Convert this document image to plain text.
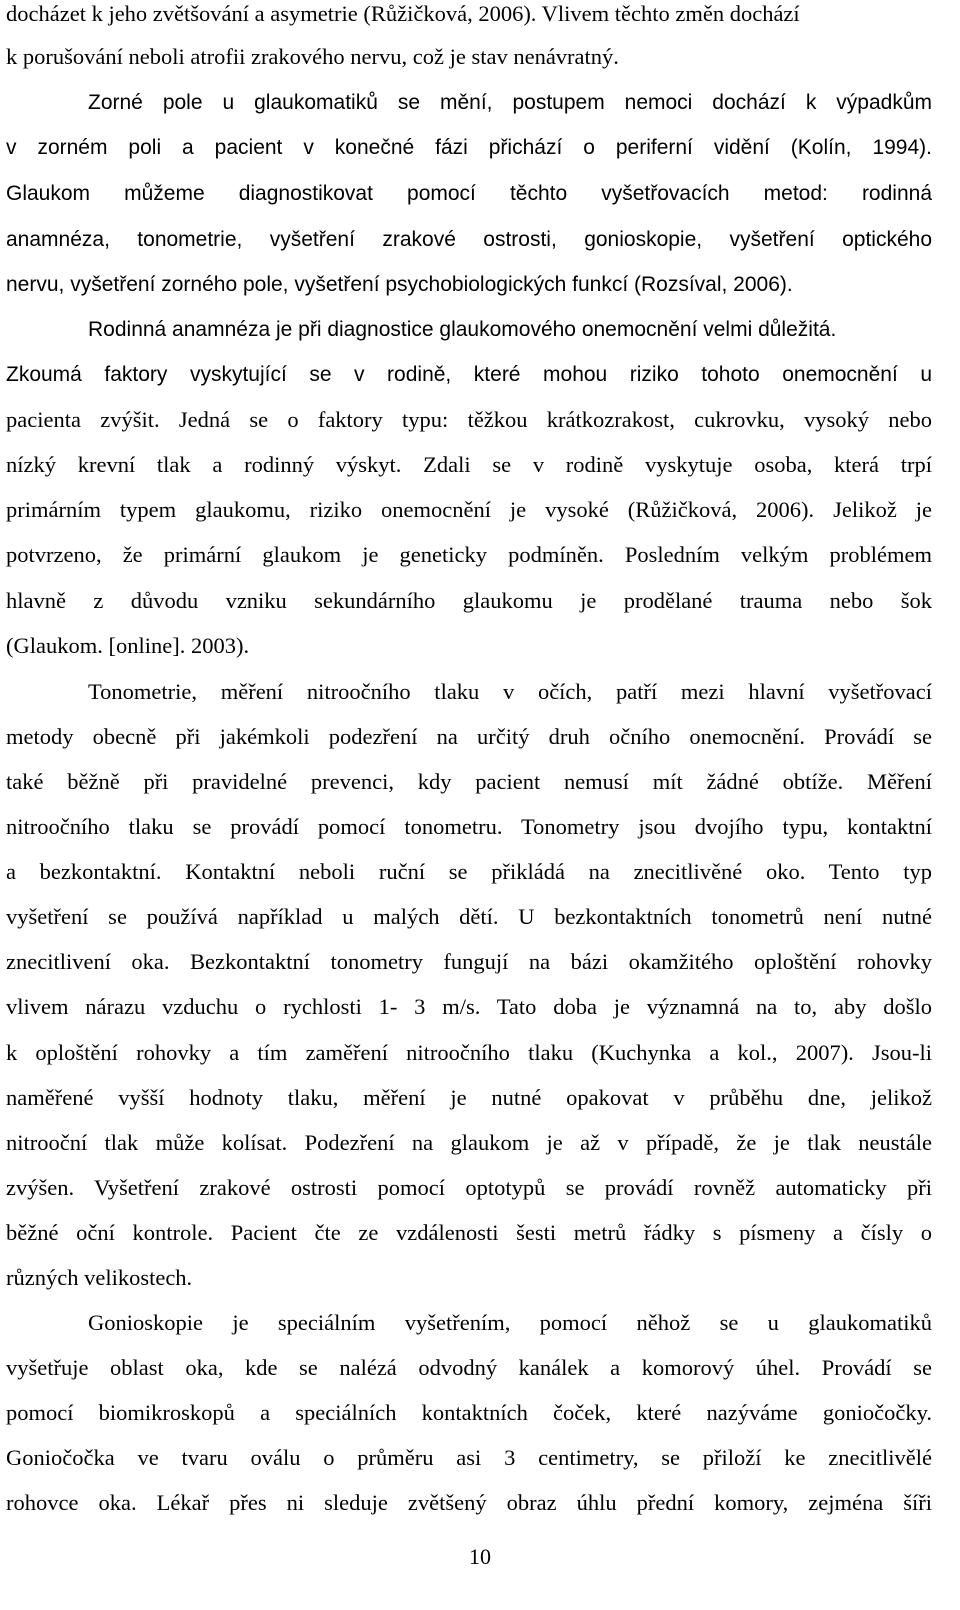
docházet k jeho zvětšování a asymetrie (Růžičková, 2006). Vlivem těchto změn dochází
k porušování neboli atrofii zrakového nervu, což je stav nenávratný.
Zorné pole u glaukomatiků se mění, postupem nemoci dochází k výpadkům
v zorném poli a pacient v konečné fázi přichází o periferní vidění (Kolín, 1994).
Glaukom můžeme diagnostikovat pomocí těchto vyšetřovacích metod: rodinná
anamnéza, tonometrie, vyšetření zrakové ostrosti, gonioskopie, vyšetření optického
nervu, vyšetření zorného pole, vyšetření psychobiologických funkcí (Rozsíval, 2006).
Rodinná anamnéza je při diagnostice glaukomového onemocnění velmi důležitá.
Zkoumá faktory vyskytující se v rodině, které mohou riziko tohoto onemocnění u
pacienta zvýšit. Jedná se o faktory typu: těžkou krátkozrakost, cukrovku, vysoký nebo
nízký krevní tlak a rodinný výskyt. Zdali se v rodině vyskytuje osoba, která trpí
primárním typem glaukomu, riziko onemocnění je vysoké (Růžičková, 2006). Jelikož je
potvrzeno, že primární glaukom je geneticky podmíněn. Posledním velkým problémem
hlavně z důvodu vzniku sekundárního glaukomu je prodělané trauma nebo šok
(Glaukom. [online]. 2003).
Tonometrie, měření nitroočního tlaku v očích, patří mezi hlavní vyšetřovací
metody obecně při jakémkoli podezření na určitý druh očního onemocnění. Provádí se
také běžně při pravidelné prevenci, kdy pacient nemusí mít žádné obtíže. Měření
nitroočního tlaku se provádí pomocí tonometru. Tonometry jsou dvojího typu, kontaktní
a bezkontaktní. Kontaktní neboli ruční se přikládá na znecitlivěné oko. Tento typ
vyšetření se používá například u malých dětí. U bezkontaktních tonometrů není nutné
znecitlivení oka. Bezkontaktní tonometry fungují na bázi okamžitého oploštění rohovky
vlivem nárazu vzduchu o rychlosti 1- 3 m/s. Tato doba je významná na to, aby došlo
k oploštění rohovky a tím zaměření nitroočního tlaku (Kuchynka a kol., 2007). Jsou-li
naměřené vyšší hodnoty tlaku, měření je nutné opakovat v průběhu dne, jelikož
nitrooční tlak může kolísat. Podezření na glaukom je až v případě, že je tlak neustále
zvýšen. Vyšetření zrakové ostrosti pomocí optotypů se provádí rovněž automaticky při
běžné oční kontrole. Pacient čte ze vzdálenosti šesti metrů řádky s písmeny a čísly o
různých velikostech.
Gonioskopie je speciálním vyšetřením, pomocí něhož se u glaukomatiků
vyšetřuje oblast oka, kde se nalézá odvodný kanálek a komorový úhel. Provádí se
pomocí biomikroskopů a speciálních kontaktních čoček, které nazýváme goniočočky.
Goniočočka ve tvaru oválu o průměru asi 3 centimetry, se přiloží ke znecitlivělé
rohovce oka. Lékař přes ni sleduje zvětšený obraz úhlu přední komory, zejména šíři
10
